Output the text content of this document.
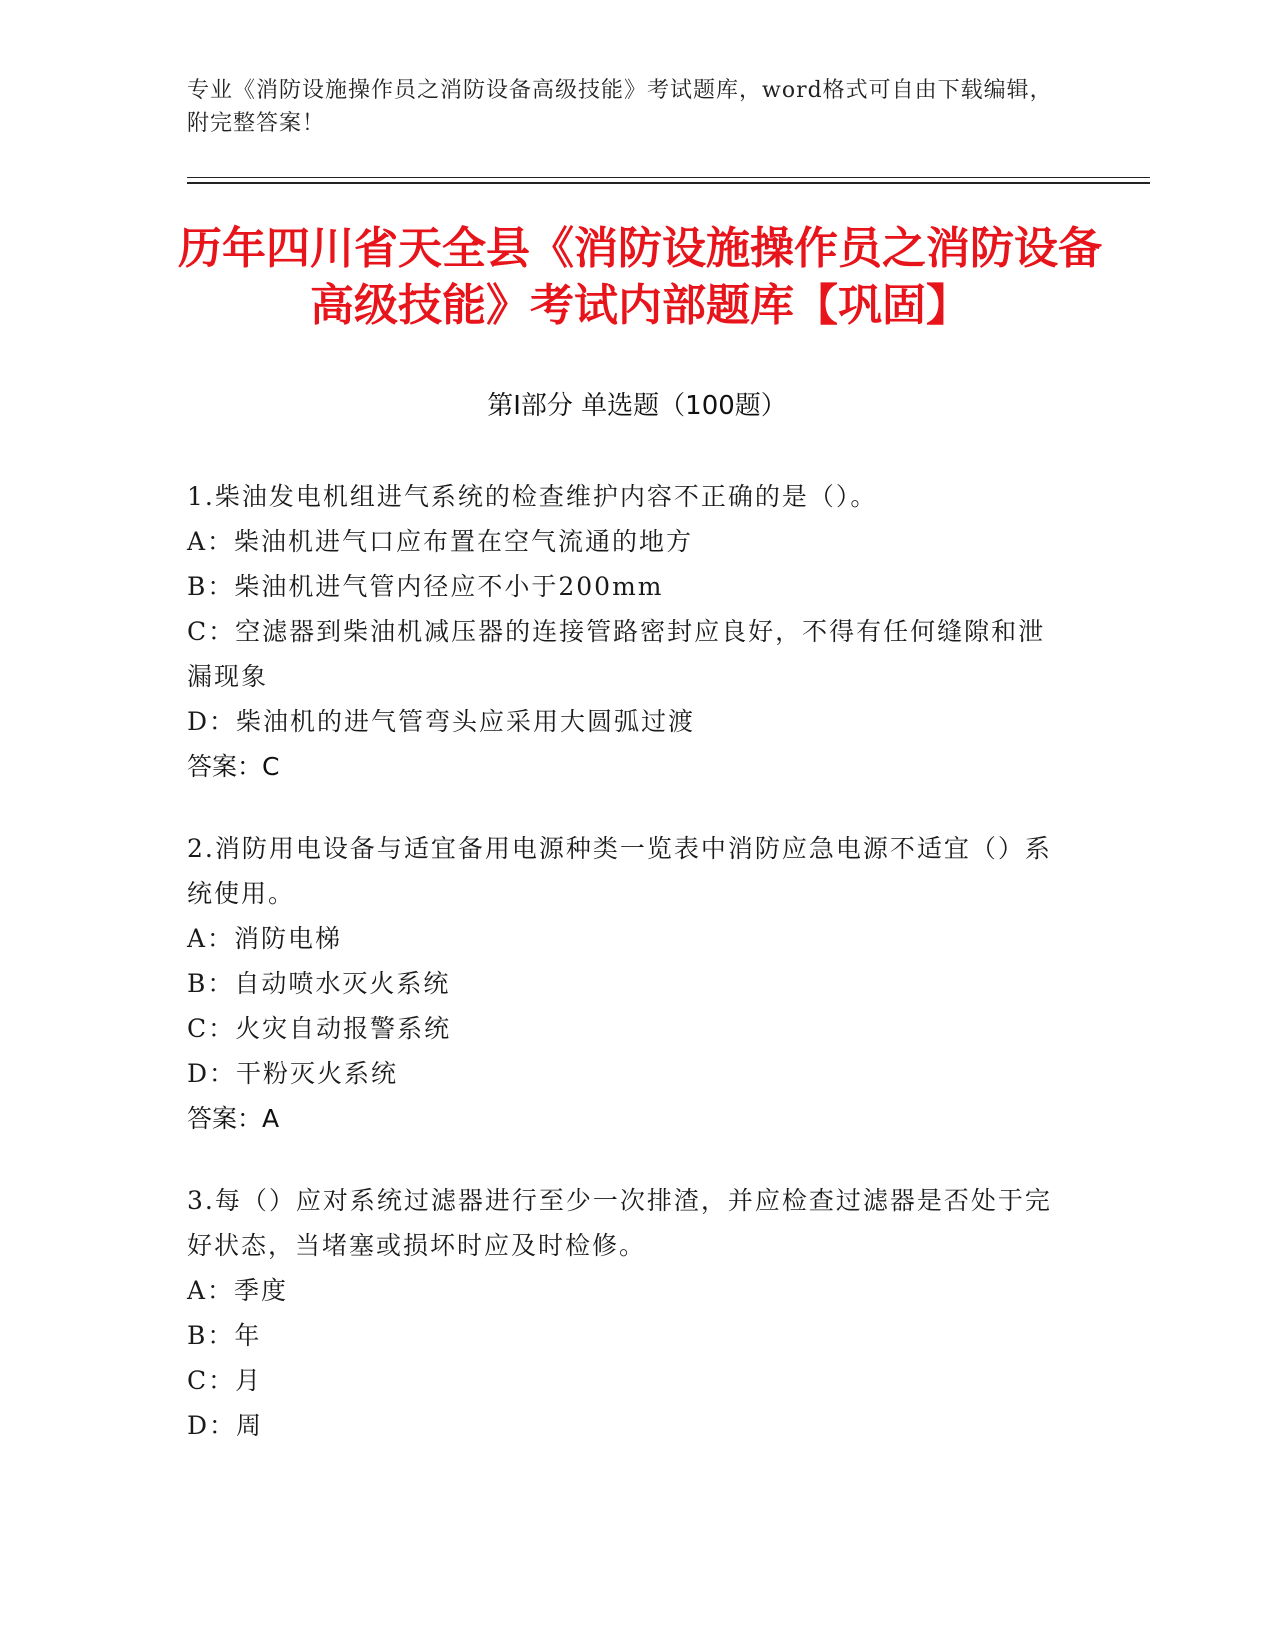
专业《消防设施操作员之消防设备高级技能》考试题库，word格式可自由下载编辑，附完整答案！
历年四川省天全县《消防设施操作员之消防设备高级技能》考试内部题库【巩固】
第I部分 单选题（100题）
1.柴油发电机组进气系统的检查维护内容不正确的是（）。
A：柴油机进气口应布置在空气流通的地方
B：柴油机进气管内径应不小于200mm
C：空滤器到柴油机减压器的连接管路密封应良好，不得有任何缝隙和泄漏现象
D：柴油机的进气管弯头应采用大圆弧过渡
答案：C
2.消防用电设备与适宜备用电源种类一览表中消防应急电源不适宜（）系统使用。
A：消防电梯
B：自动喷水灭火系统
C：火灾自动报警系统
D：干粉灭火系统
答案：A
3.每（）应对系统过滤器进行至少一次排渣，并应检查过滤器是否处于完好状态，当堵塞或损坏时应及时检修。
A：季度
B：年
C：月
D：周
